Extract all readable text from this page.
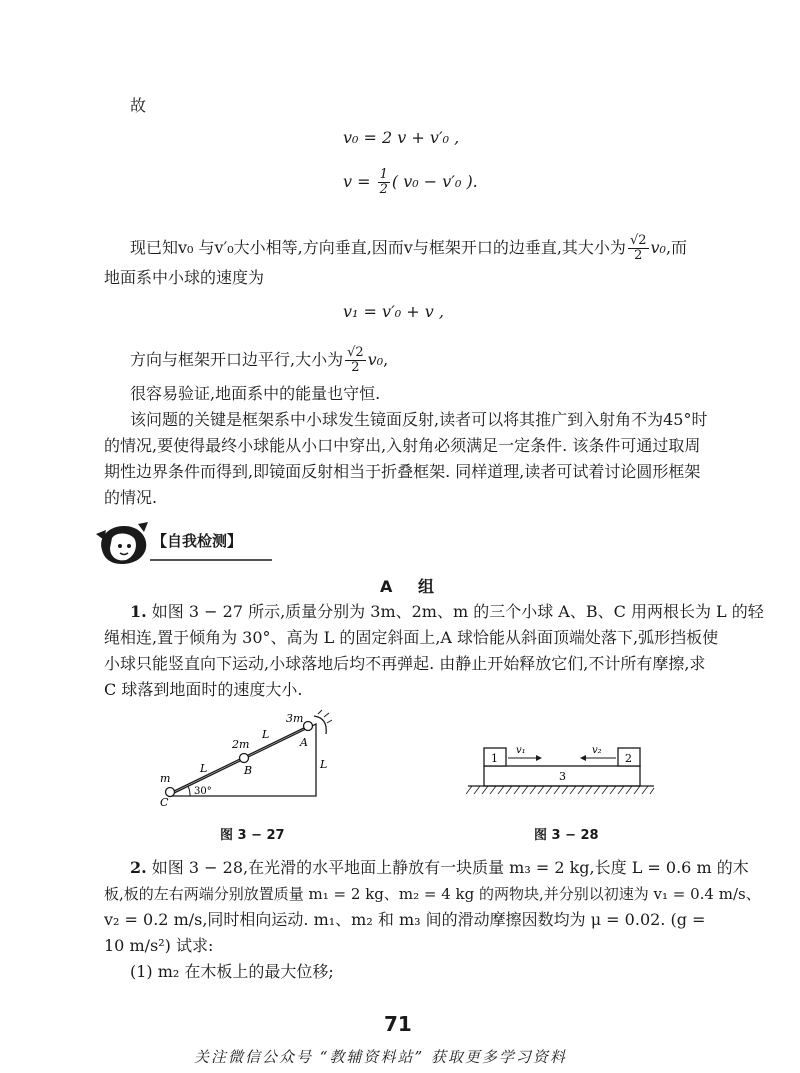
故
v₀ = 2 v + v′₀ ,
$v = \frac{1}{2}$ ( v₀ − v′₀ ).
现已知v₀ 与v′₀大小相等,方向垂直,因而v与框架开口的边垂直,其大小为 $\frac{√2}{2} v_0$,而
地面系中小球的速度为
v₁ = v′₀ + v ,
方向与框架开口边平行,大小为 $\frac{√2}{2} v_0$,
很容易验证,地面系中的能量也守恒.
该问题的关键是框架系中小球发生镜面反射,读者可以将其推广到入射角不为45°时
的情况,要使得最终小球能从小口中穿出,入射角必须满足一定条件. 该条件可通过取周
期性边界条件而得到,即镜面反射相当于折叠框架. 同样道理,读者可试着讨论圆形框架
的情况.
【自我检测】
A 组
1. 如图 3 − 27 所示,质量分别为 3m、2m、m 的三个小球 A、B、C 用两根长为 L 的轻
绳相连,置于倾角为 30°、高为 L 的固定斜面上,A 球恰能从斜面顶端处落下,弧形挡板使
小球只能竖直向下运动,小球落地后均不再弹起. 由静止开始释放它们,不计所有摩擦,求
C 球落到地面时的速度大小.
3m
2m
m
L
L	L
A
B
C
30°
图 3 − 27
1	2
3
v₁	v₂
图 3 − 28
2. 如图 3 − 28,在光滑的水平地面上静放有一块质量 m₃ = 2 kg,长度 L = 0.6 m 的木
板,板的左右两端分别放置质量 m₁ = 2 kg、m₂ = 4 kg 的两物块,并分别以初速为 v₁ = 0.4 m/s、
v₂ = 0.2 m/s,同时相向运动. m₁、m₂ 和 m₃ 间的滑动摩擦因数均为 μ = 0.02. (g =
10 m/s²) 试求:
(1) m₂ 在木板上的最大位移;
71
关注微信公众号 “教辅资料站” 获取更多学习资料
